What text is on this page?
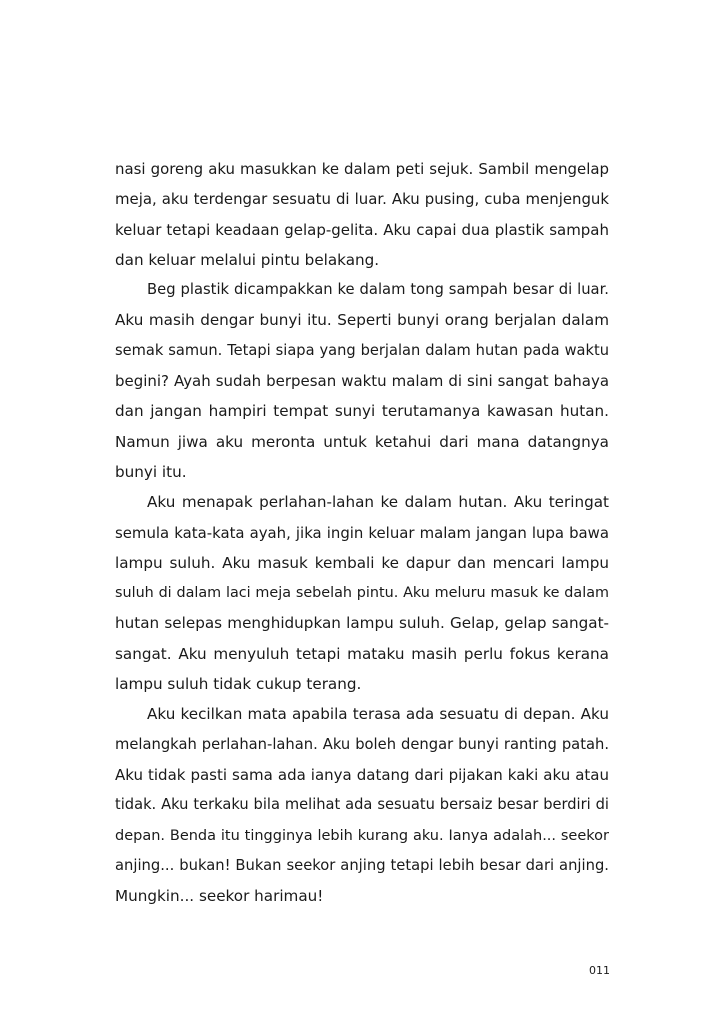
nasi goreng aku masukkan ke dalam peti sejuk. Sambil mengelap
meja, aku terdengar sesuatu di luar. Aku pusing, cuba menjenguk
keluar tetapi keadaan gelap-gelita. Aku capai dua plastik sampah
dan keluar melalui pintu belakang.
Beg plastik dicampakkan ke dalam tong sampah besar di luar.
Aku masih dengar bunyi itu. Seperti bunyi orang berjalan dalam
semak samun. Tetapi siapa yang berjalan dalam hutan pada waktu
begini? Ayah sudah berpesan waktu malam di sini sangat bahaya
dan jangan hampiri tempat sunyi terutamanya kawasan hutan.
Namun jiwa aku meronta untuk ketahui dari mana datangnya
bunyi itu.
Aku menapak perlahan-lahan ke dalam hutan. Aku teringat
semula kata-kata ayah, jika ingin keluar malam jangan lupa bawa
lampu suluh. Aku masuk kembali ke dapur dan mencari lampu
suluh di dalam laci meja sebelah pintu. Aku meluru masuk ke dalam
hutan selepas menghidupkan lampu suluh. Gelap, gelap sangat-
sangat. Aku menyuluh tetapi mataku masih perlu fokus kerana
lampu suluh tidak cukup terang.
Aku kecilkan mata apabila terasa ada sesuatu di depan. Aku
melangkah perlahan-lahan. Aku boleh dengar bunyi ranting patah.
Aku tidak pasti sama ada ianya datang dari pijakan kaki aku atau
tidak. Aku terkaku bila melihat ada sesuatu bersaiz besar berdiri di
depan. Benda itu tingginya lebih kurang aku. Ianya adalah... seekor
anjing... bukan! Bukan seekor anjing tetapi lebih besar dari anjing.
Mungkin... seekor harimau!
011
